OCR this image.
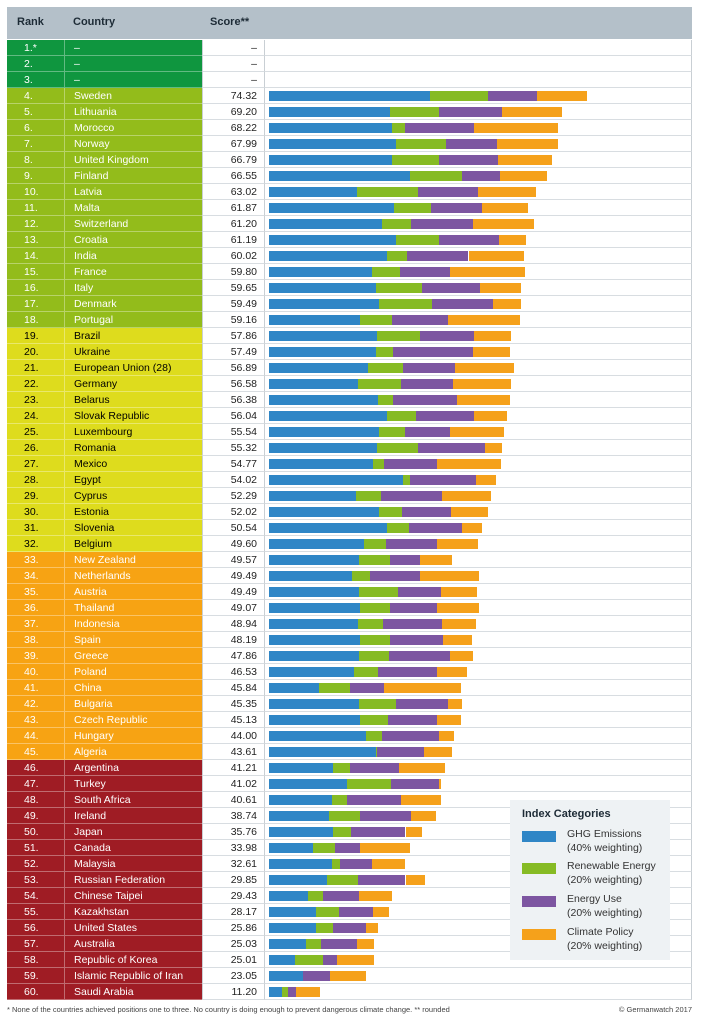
Rank	Country	Score**
1.*	–	–
2.	–	–
3.	–	–
4.	Sweden	74.32
5.	Lithuania	69.20
6.	Morocco	68.22
7.	Norway	67.99
8.	United Kingdom	66.79
9.	Finland	66.55
10.	Latvia	63.02
11.	Malta	61.87
12.	Switzerland	61.20
13.	Croatia	61.19
14.	India	60.02
15.	France	59.80
16.	Italy	59.65
17.	Denmark	59.49
18.	Portugal	59.16
19.	Brazil	57.86
20.	Ukraine	57.49
21.	European Union (28)	56.89
22.	Germany	56.58
23.	Belarus	56.38
24.	Slovak Republic	56.04
25.	Luxembourg	55.54
26.	Romania	55.32
27.	Mexico	54.77
28.	Egypt	54.02
29.	Cyprus	52.29
30.	Estonia	52.02
31.	Slovenia	50.54
32.	Belgium	49.60
33.	New Zealand	49.57
34.	Netherlands	49.49
35.	Austria	49.49
36.	Thailand	49.07
37.	Indonesia	48.94
38.	Spain	48.19
39.	Greece	47.86
40.	Poland	46.53
41.	China	45.84
42.	Bulgaria	45.35
43.	Czech Republic	45.13
44.	Hungary	44.00
45.	Algeria	43.61
46.	Argentina	41.21
47.	Turkey	41.02
48.	South Africa	40.61
49.	Ireland	38.74
50.	Japan	35.76
51.	Canada	33.98
52.	Malaysia	32.61
53.	Russian Federation	29.85
54.	Chinese Taipei	29.43
55.	Kazakhstan	28.17
56.	United States	25.86
57.	Australia	25.03
58.	Republic of Korea	25.01
59.	Islamic Republic of Iran	23.05
60.	Saudi Arabia	11.20
Index Categories
GHG Emissions
(40% weighting)
Renewable Energy
(20% weighting)
Energy Use
(20% weighting)
Climate Policy
(20% weighting)
* None of the countries achieved positions one to three. No country is doing enough to prevent dangerous climate change. ** rounded	© Germanwatch 2017
